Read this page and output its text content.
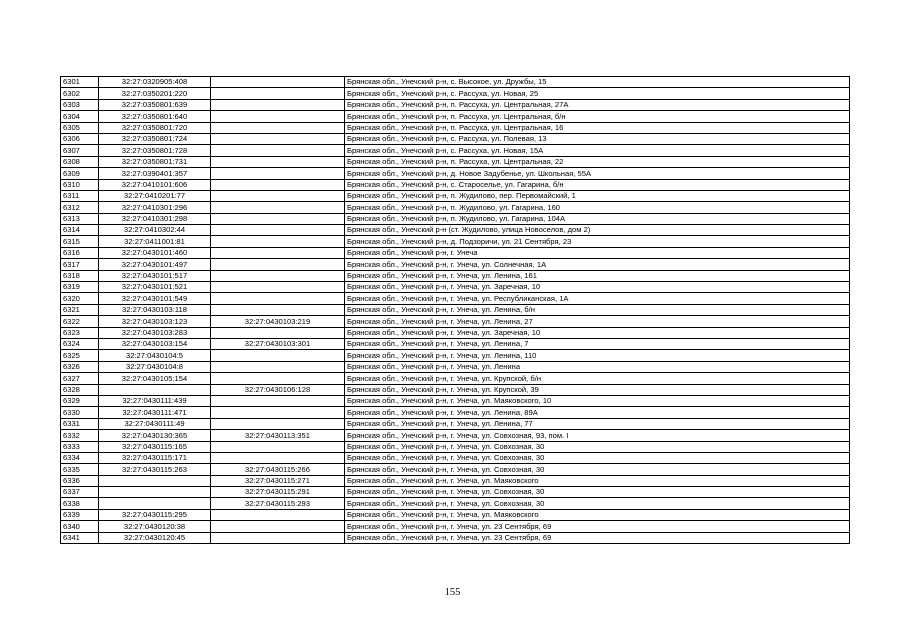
6301	32:27:0320905:408		Брянская обл., Унечский р-н, с. Высокое, ул. Дружбы, 15
6302	32:27:0350201:220		Брянская обл., Унечский р-н, с. Рассуха, ул. Новая, 25
6303	32:27:0350801:639		Брянская обл., Унечский р-н, п. Рассуха, ул. Центральная, 27А
6304	32:27:0350801:640		Брянская обл., Унечский р-н, п. Рассуха, ул. Центральная, б/н
6305	32:27:0350801:720		Брянская обл., Унечский р-н, п. Рассуха, ул. Центральная, 16
6306	32:27:0350801:724		Брянская обл., Унечский р-н, с. Рассуха, ул. Полевая, 13
6307	32:27:0350801:728		Брянская обл., Унечский р-н, с. Рассуха, ул. Новая, 15А
6308	32:27:0350801:731		Брянская обл., Унечский р-н, п. Рассуха, ул. Центральная, 22
6309	32:27:0390401:357		Брянская обл., Унечский р-н, д. Новое Задубенье, ул. Школьная, 55А
6310	32:27:0410101:606		Брянская обл., Унечский р-н, с. Староселье, ул. Гагарина, б/н
6311	32:27:0410201:77		Брянская обл., Унечский р-н, п. Жудилово, пер. Первомайский, 1
6312	32:27:0410301:296		Брянская обл., Унечский р-н, п. Жудилово, ул. Гагарина, 160
6313	32:27:0410301:298		Брянская обл., Унечский р-н, п. Жудилово, ул. Гагарина, 104А
6314	32:27:0410302:44		Брянская обл., Унечский р-н (ст. Жудилово, улица Новоселов, дом 2)
6315	32:27:0411001:81		Брянская обл., Унечский р-н, д. Подзоричи, ул. 21 Сентября, 23
6316	32:27:0430101:460		Брянская обл., Унечский р-н, г. Унеча
6317	32:27:0430101:497		Брянская обл., Унечский р-н, г. Унеча, ул. Солнечная, 1А
6318	32:27:0430101:517		Брянская обл., Унечский р-н, г. Унеча, ул. Ленина, 161
6319	32:27:0430101:521		Брянская обл., Унечский р-н, г. Унеча, ул. Заречная, 10
6320	32:27:0430101:549		Брянская обл., Унечский р-н, г. Унеча, ул. Республиканская, 1А
6321	32:27:0430103:118		Брянская обл., Унечский р-н, г. Унеча, ул. Ленина, б/н
6322	32:27:0430103:123	32:27:0430103:219	Брянская обл., Унечский р-н, г. Унеча, ул. Ленина, 27
6323	32:27:0430103:283		Брянская обл., Унечский р-н, г. Унеча, ул. Заречная, 10
6324	32:27:0430103:154	32:27:0430103:301	Брянская обл., Унечский р-н, г. Унеча, ул. Ленина, 7
6325	32:27:0430104:5		Брянская обл., Унечский р-н, г. Унеча, ул. Ленина, 110
6326	32:27:0430104:8		Брянская обл., Унечский р-н, г. Унеча, ул. Ленина
6327	32:27:0430105:154		Брянская обл., Унечский р-н, г. Унеча, ул. Крупской, б/н
6328		32:27:0430106:128	Брянская обл., Унечский р-н, г. Унеча, ул. Крупской, 39
6329	32:27:0430111:439		Брянская обл., Унечский р-н, г. Унеча, ул. Маяковского, 10
6330	32:27:0430111:471		Брянская обл., Унечский р-н, г. Унеча, ул. Ленина, 89А
6331	32:27:0430111:49		Брянская обл., Унечский р-н, г. Унеча, ул. Ленина, 77
6332	32:27:0430130:365	32:27:0430113:351	Брянская обл., Унечский р-н, г. Унеча, ул. Совхозная, 93, пом. I
6333	32:27:0430115:165		Брянская обл., Унечский р-н, г. Унеча, ул. Совхозная, 30
6334	32:27:0430115:171		Брянская обл., Унечский р-н, г. Унеча, ул. Совхозная, 30
6335	32:27:0430115:263	32:27:0430115:266	Брянская обл., Унечский р-н, г. Унеча, ул. Совхозная, 30
6336		32:27:0430115:271	Брянская обл., Унечский р-н, г. Унеча, ул. Маяковского
6337		32:27:0430115:291	Брянская обл., Унечский р-н, г. Унеча, ул. Совхозная, 30
6338		32:27:0430115:293	Брянская обл., Унечский р-н, г. Унеча, ул. Совхозная, 30
6339	32:27:0430115:295		Брянская обл., Унечский р-н, г. Унеча, ул. Маяковского
6340	32:27:0430120:38		Брянская обл., Унечский р-н, г. Унеча, ул. 23 Сентября, 69
6341	32:27:0430120:45		Брянская обл., Унечский р-н, г. Унеча, ул. 23 Сентября, 69
155
